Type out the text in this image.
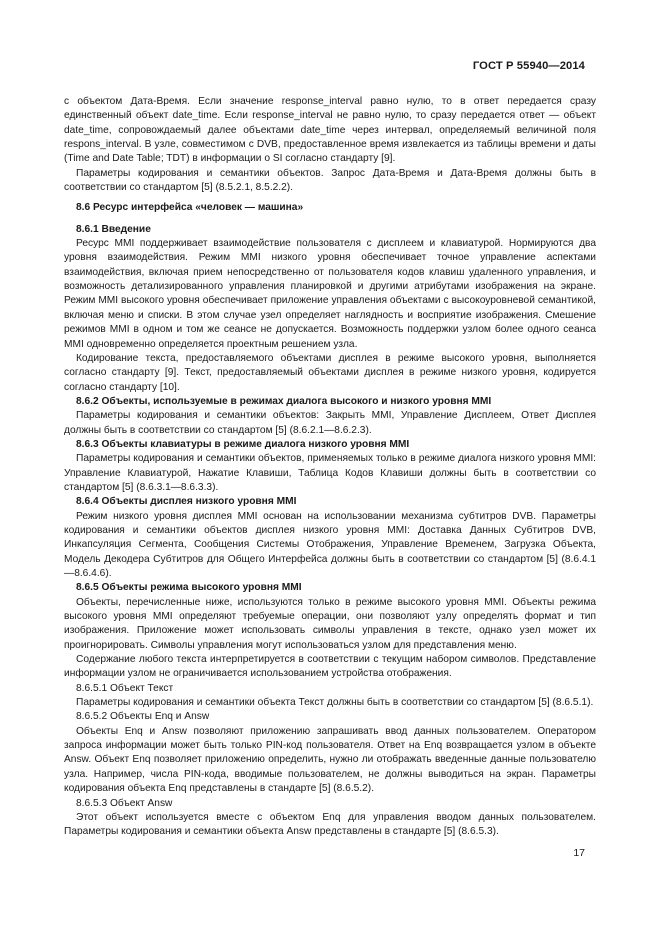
ГОСТ Р 55940—2014

с объектом Дата-Время. Если значение response_interval равно нулю, то в ответ передается сразу единственный объект date_time. Если response_interval не равно нулю, то сразу передается ответ — объект date_time, сопровождаемый далее объектами date_time через интервал, определяемый величиной поля respons_interval. В узле, совместимом с DVB, предоставленное время извлекается из таблицы времени и даты (Time and Date Table; TDT) в информации о SI согласно стандарту [9].

Параметры кодирования и семантики объектов. Запрос Дата-Время и Дата-Время должны быть в соответствии со стандартом [5] (8.5.2.1, 8.5.2.2).

8.6 Ресурс интерфейса «человек — машина»

8.6.1 Введение

Ресурс MMI поддерживает взаимодействие пользователя с дисплеем и клавиатурой. Нормируются два уровня взаимодействия. Режим MMI низкого уровня обеспечивает точное управление аспектами взаимодействия, включая прием непосредственно от пользователя кодов клавиш удаленного управления, и возможность детализированного управления планировкой и другими атрибутами изображения на экране. Режим MMI высокого уровня обеспечивает приложение управления объектами с высокоуровневой семантикой, включая меню и списки. В этом случае узел определяет наглядность и восприятие изображения. Смешение режимов MMI в одном и том же сеансе не допускается. Возможность поддержки узлом более одного сеанса MMI одновременно определяется проектным решением узла.

Кодирование текста, предоставляемого объектами дисплея в режиме высокого уровня, выполняется согласно стандарту [9]. Текст, предоставляемый объектами дисплея в режиме низкого уровня, кодируется согласно стандарту [10].

8.6.2 Объекты, используемые в режимах диалога высокого и низкого уровня MMI

Параметры кодирования и семантики объектов: Закрыть MMI, Управление Дисплеем, Ответ Дисплея должны быть в соответствии со стандартом [5] (8.6.2.1—8.6.2.3).

8.6.3 Объекты клавиатуры в режиме диалога низкого уровня MMI

Параметры кодирования и семантики объектов, применяемых только в режиме диалога низкого уровня MMI: Управление Клавиатурой, Нажатие Клавиши, Таблица Кодов Клавиши должны быть в соответствии со стандартом [5] (8.6.3.1—8.6.3.3).

8.6.4 Объекты дисплея низкого уровня MMI

Режим низкого уровня дисплея MMI основан на использовании механизма субтитров DVB. Параметры кодирования и семантики объектов дисплея низкого уровня MMI: Доставка Данных Субтитров DVB, Инкапсуляция Сегмента, Сообщения Системы Отображения, Управление Временем, Загрузка Объекта, Модель Декодера Субтитров для Общего Интерфейса должны быть в соответствии со стандартом [5] (8.6.4.1—8.6.4.6).

8.6.5 Объекты режима высокого уровня MMI

Объекты, перечисленные ниже, используются только в режиме высокого уровня MMI. Объекты режима высокого уровня MMI определяют требуемые операции, они позволяют узлу определять формат и тип изображения. Приложение может использовать символы управления в тексте, однако узел может их проигнорировать. Символы управления могут использоваться узлом для представления меню.

Содержание любого текста интерпретируется в соответствии с текущим набором символов. Представление информации узлом не ограничивается использованием устройства отображения.

8.6.5.1 Объект Текст

Параметры кодирования и семантики объекта Текст должны быть в соответствии со стандартом [5] (8.6.5.1).

8.6.5.2 Объекты Enq и Answ

Объекты Enq и Answ позволяют приложению запрашивать ввод данных пользователем. Оператором запроса информации может быть только PIN-код пользователя. Ответ на Enq возвращается узлом в объекте Answ. Объект Enq позволяет приложению определить, нужно ли отображать введенные данные пользователю узла. Например, числа PIN-кода, вводимые пользователем, не должны выводиться на экран. Параметры кодирования объекта Enq представлены в стандарте [5] (8.6.5.2).

8.6.5.3 Объект Answ

Этот объект используется вместе с объектом Enq для управления вводом данных пользователем. Параметры кодирования и семантики объекта Answ представлены в стандарте [5] (8.6.5.3).

17
